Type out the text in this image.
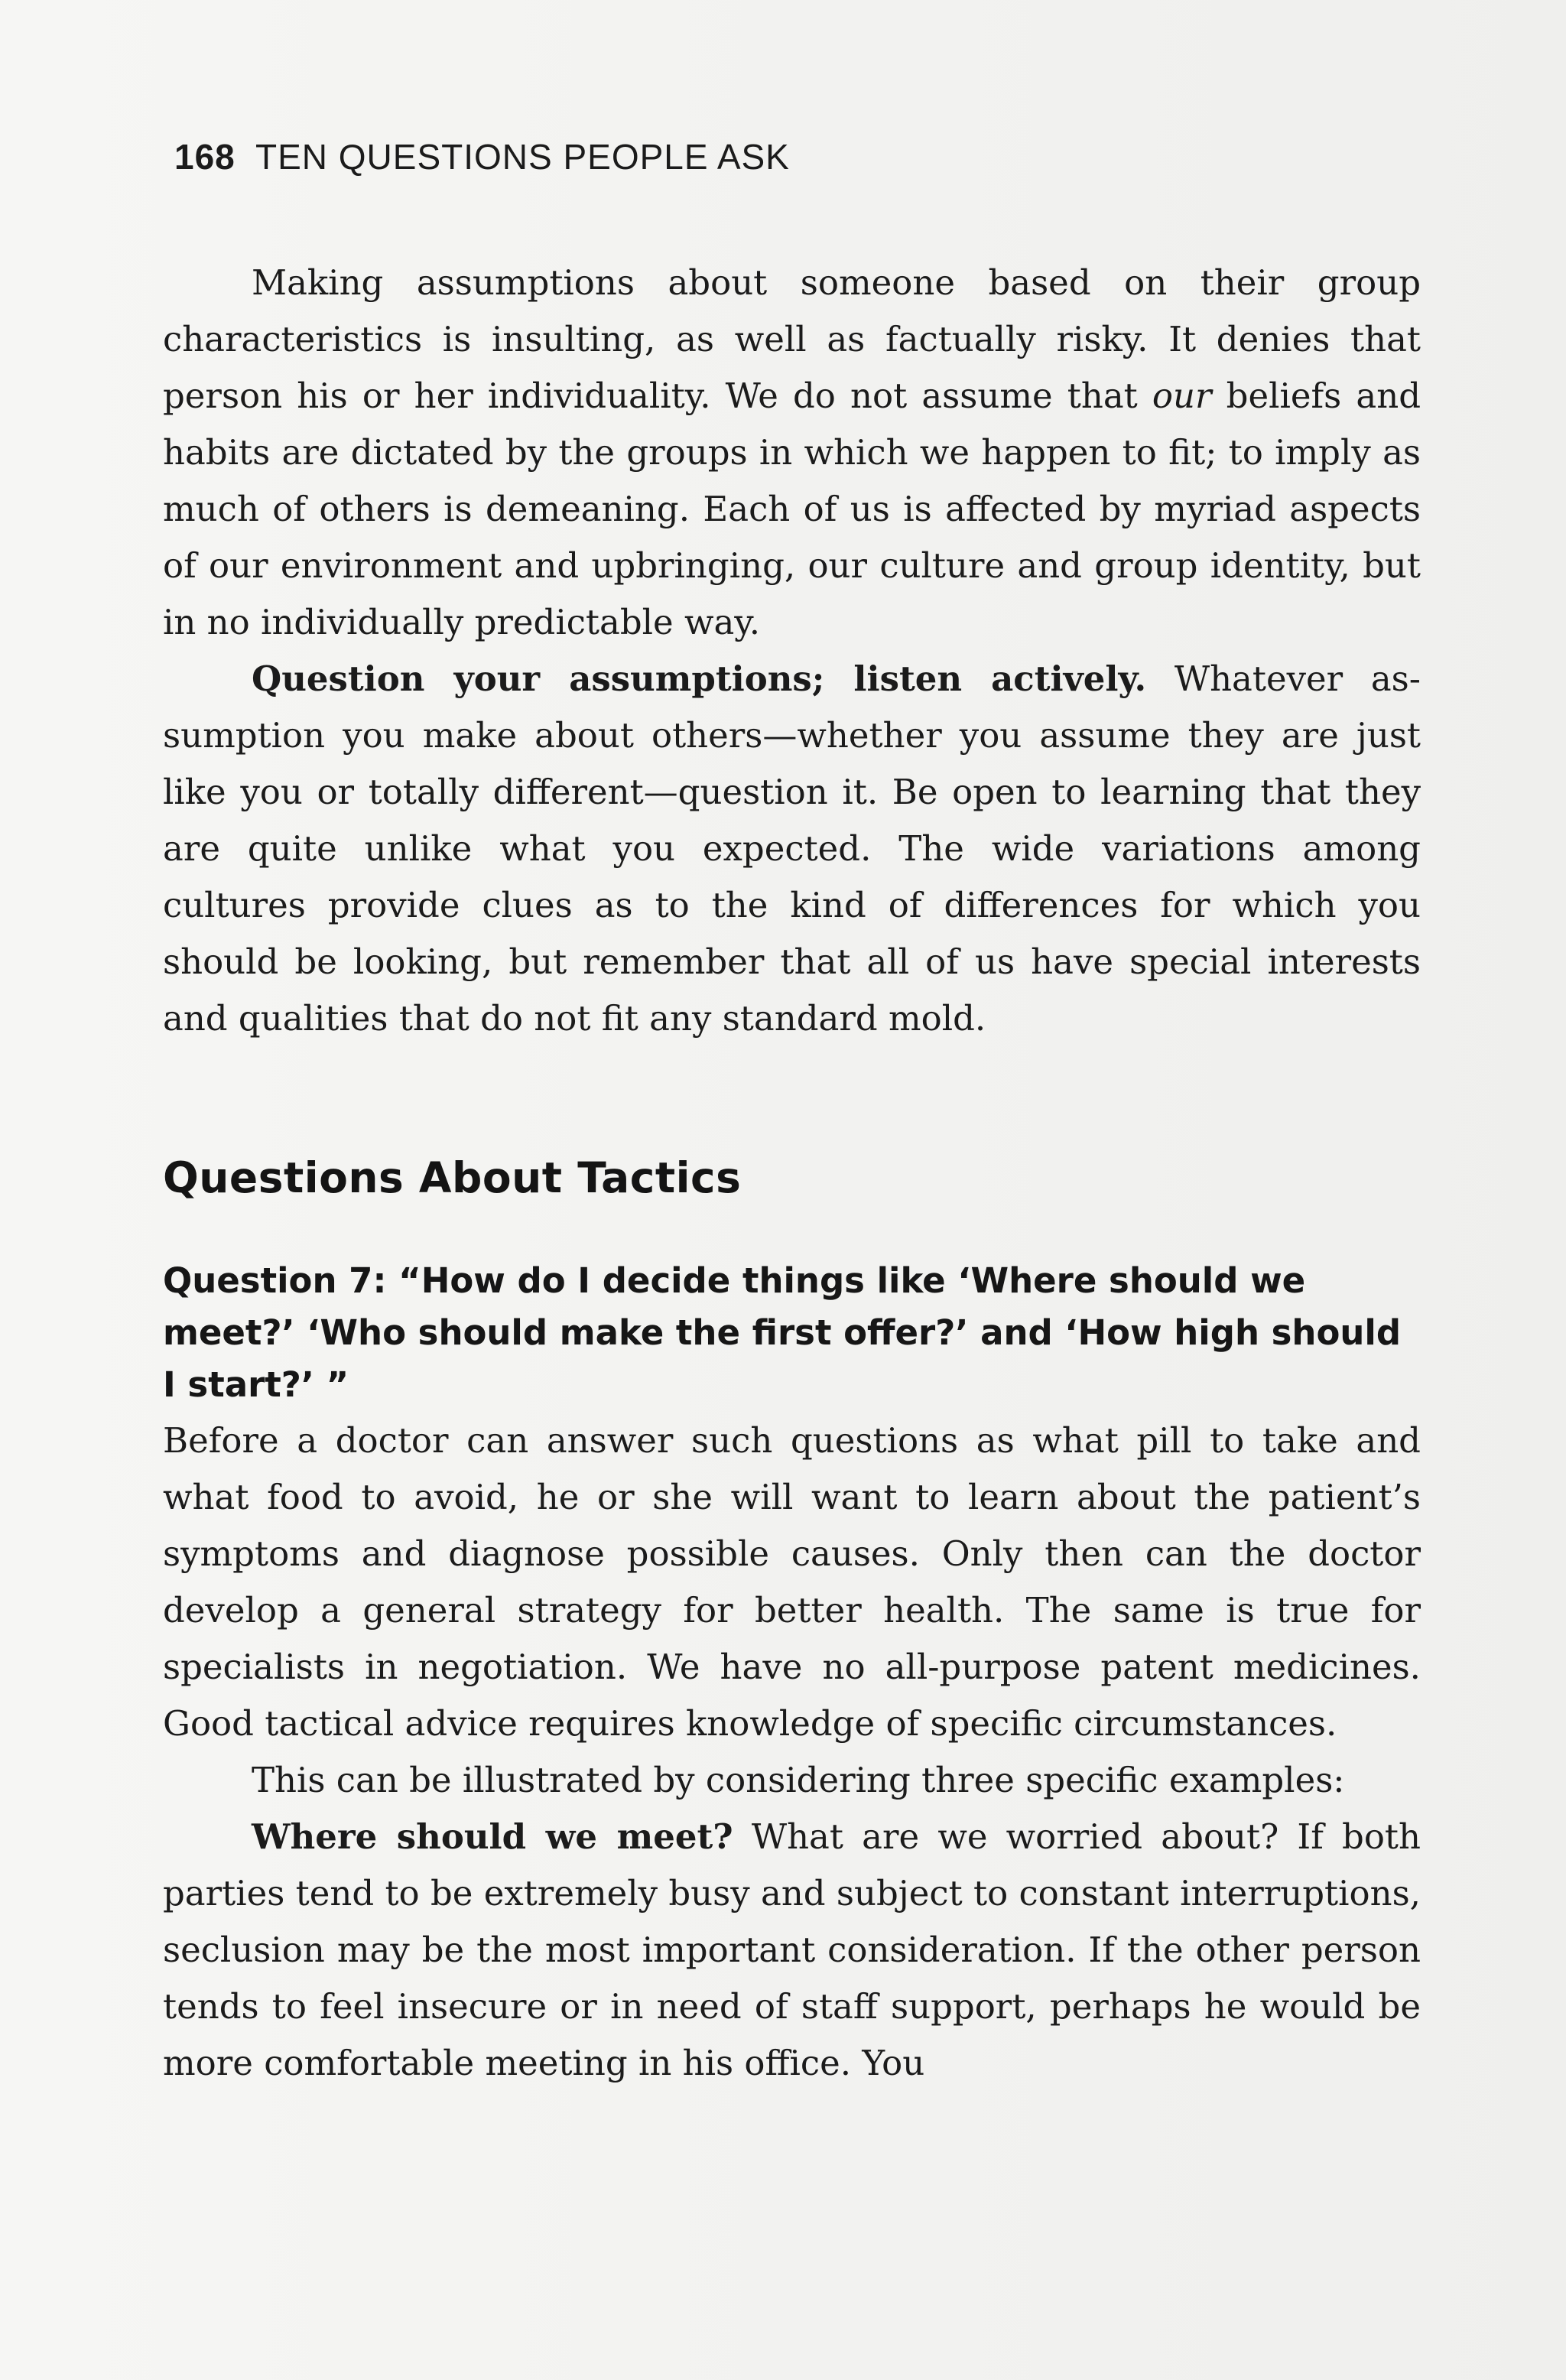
168 TEN QUESTIONS PEOPLE ASK

Making assumptions about someone based on their group characteristics is insulting, as well as factually risky. It denies that person his or her individuality. We do not assume that our beliefs and habits are dictated by the groups in which we happen to fit; to imply as much of others is demeaning. Each of us is affected by myriad aspects of our environment and upbringing, our culture and group identity, but in no individually predictable way.

Question your assumptions; listen actively. Whatever assumption you make about others—whether you assume they are just like you or totally different—question it. Be open to learning that they are quite unlike what you expected. The wide variations among cultures provide clues as to the kind of differences for which you should be looking, but remember that all of us have special interests and qualities that do not fit any standard mold.

Questions About Tactics
Question 7: “How do I decide things like ‘Where should we meet?’ ‘Who should make the first offer?’ and ‘How high should I start?’ ”

Before a doctor can answer such questions as what pill to take and what food to avoid, he or she will want to learn about the patient’s symptoms and diagnose possible causes. Only then can the doctor develop a general strategy for better health. The same is true for specialists in negotiation. We have no all-purpose patent medicines. Good tactical advice requires knowledge of specific circumstances.

This can be illustrated by considering three specific examples:

Where should we meet? What are we worried about? If both parties tend to be extremely busy and subject to constant interruptions, seclusion may be the most important consideration. If the other person tends to feel insecure or in need of staff support, perhaps he would be more comfortable meeting in his office. You
